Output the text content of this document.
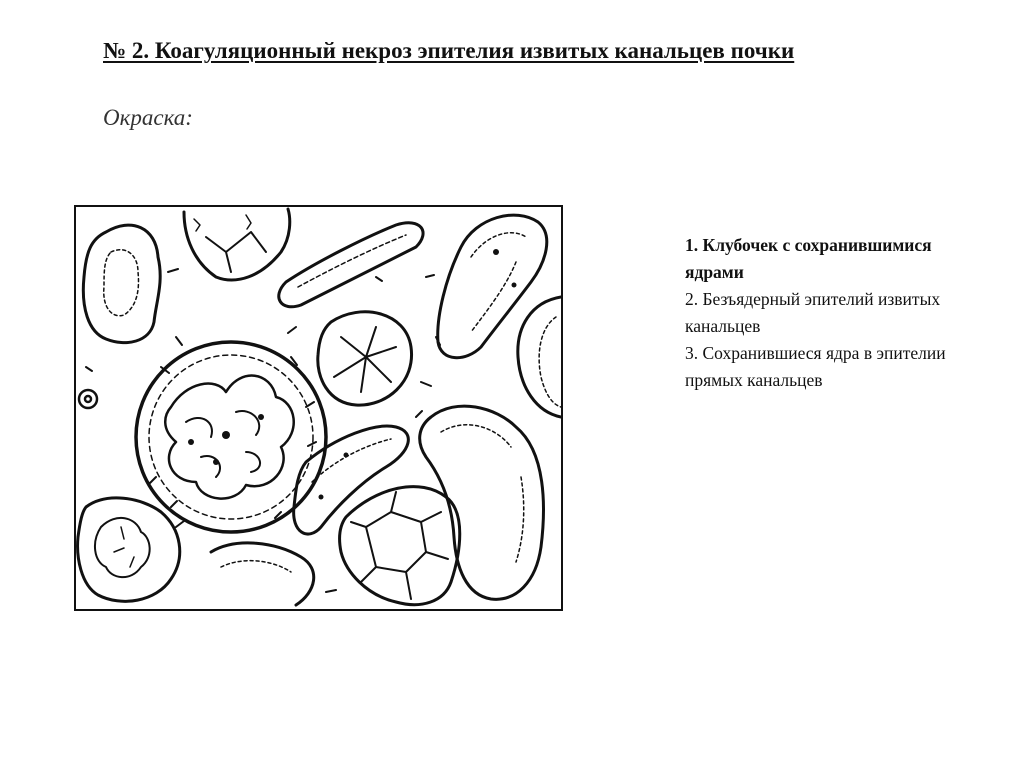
№ 2. Коагуляционный некроз эпителия извитых канальцев почки
Окраска:
1. Клубочек с сохранившимися ядрами
2. Безъядерный эпителий извитых канальцев
3. Сохранившиеся ядра в эпителии прямых канальцев
